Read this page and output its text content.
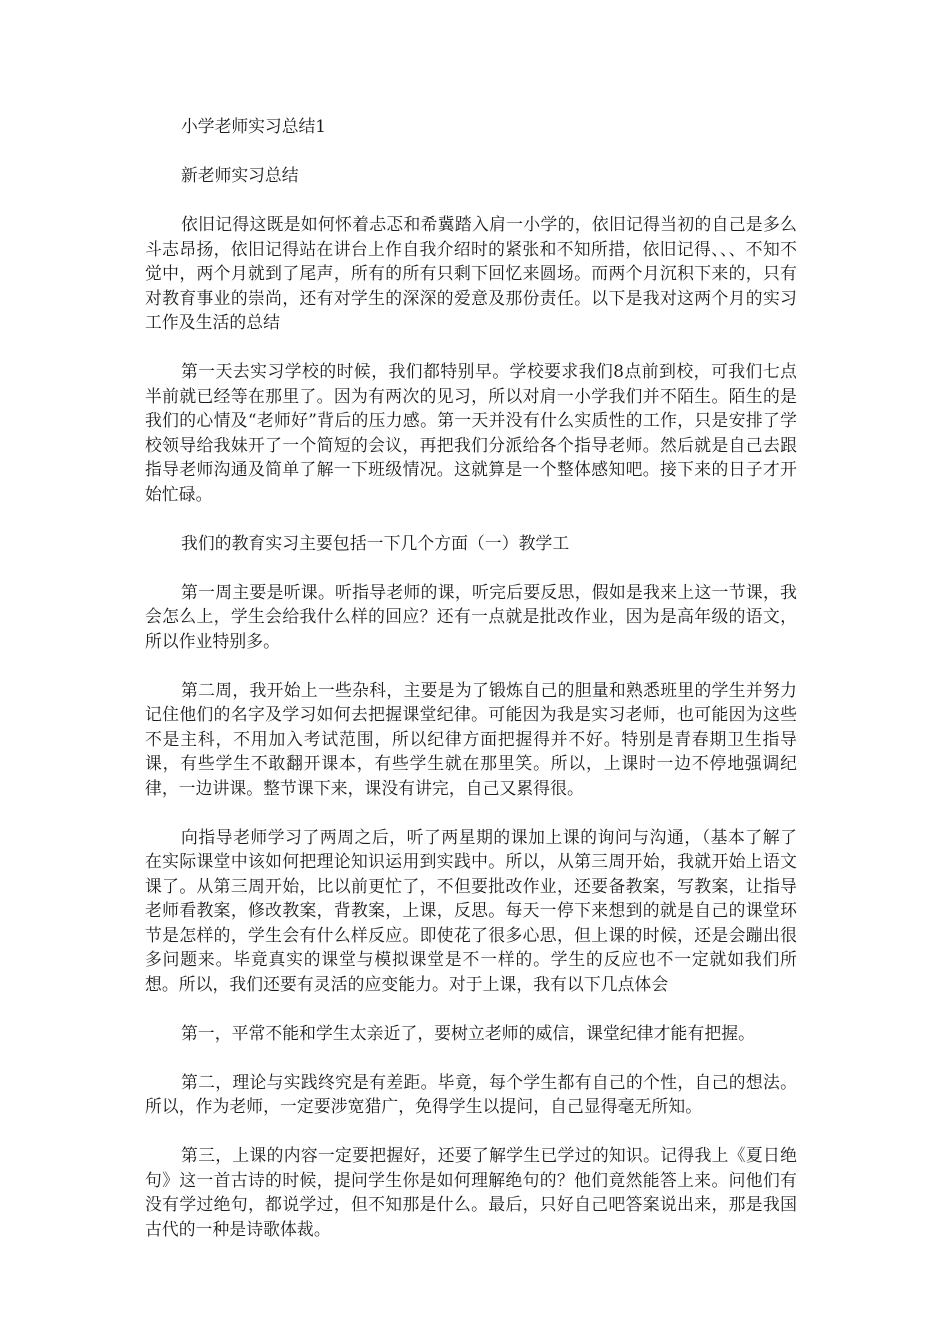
小学老师实习总结1
新老师实习总结

依旧记得这既是如何怀着忐忑和希冀踏入肩一小学的，依旧记得当初的自己是多么斗志昂扬，依旧记得站在讲台上作自我介绍时的紧张和不知所措，依旧记得、、、不知不觉中，两个月就到了尾声，所有的所有只剩下回忆来圆场。而两个月沉积下来的，只有对教育事业的崇尚，还有对学生的深深的爱意及那份责任。以下是我对这两个月的实习工作及生活的总结

第一天去实习学校的时候，我们都特别早。学校要求我们8点前到校，可我们七点半前就已经等在那里了。因为有两次的见习，所以对肩一小学我们并不陌生。陌生的是我们的心情及“老师好”背后的压力感。第一天并没有什么实质性的工作，只是安排了学校领导给我妹开了一个简短的会议，再把我们分派给各个指导老师。然后就是自己去跟指导老师沟通及简单了解一下班级情况。这就算是一个整体感知吧。接下来的日子才开始忙碌。

我们的教育实习主要包括一下几个方面（一）教学工

第一周主要是听课。听指导老师的课，听完后要反思，假如是我来上这一节课，我会怎么上，学生会给我什么样的回应？还有一点就是批改作业，因为是高年级的语文，所以作业特别多。

第二周，我开始上一些杂科，主要是为了锻炼自己的胆量和熟悉班里的学生并努力记住他们的名字及学习如何去把握课堂纪律。可能因为我是实习老师，也可能因为这些不是主科，不用加入考试范围，所以纪律方面把握得并不好。特别是青春期卫生指导课，有些学生不敢翻开课本，有些学生就在那里笑。所以，上课时一边不停地强调纪律，一边讲课。整节课下来，课没有讲完，自己又累得很。

向指导老师学习了两周之后，听了两星期的课加上课的询问与沟通，（基本了解了在实际课堂中该如何把理论知识运用到实践中。所以，从第三周开始，我就开始上语文课了。从第三周开始，比以前更忙了，不但要批改作业，还要备教案，写教案，让指导老师看教案，修改教案，背教案，上课，反思。每天一停下来想到的就是自己的课堂环节是怎样的，学生会有什么样反应。即使花了很多心思，但上课的时候，还是会蹦出很多问题来。毕竟真实的课堂与模拟课堂是不一样的。学生的反应也不一定就如我们所想。所以，我们还要有灵活的应变能力。对于上课，我有以下几点体会

第一，平常不能和学生太亲近了，要树立老师的威信，课堂纪律才能有把握。

第二，理论与实践终究是有差距。毕竟，每个学生都有自己的个性，自己的想法。所以，作为老师，一定要涉宽猎广，免得学生以提问，自己显得毫无所知。

第三，上课的内容一定要把握好，还要了解学生已学过的知识。记得我上《夏日绝句》这一首古诗的时候，提问学生你是如何理解绝句的？他们竟然能答上来。问他们有没有学过绝句，都说学过，但不知那是什么。最后，只好自己吧答案说出来，那是我国古代的一种是诗歌体裁。
